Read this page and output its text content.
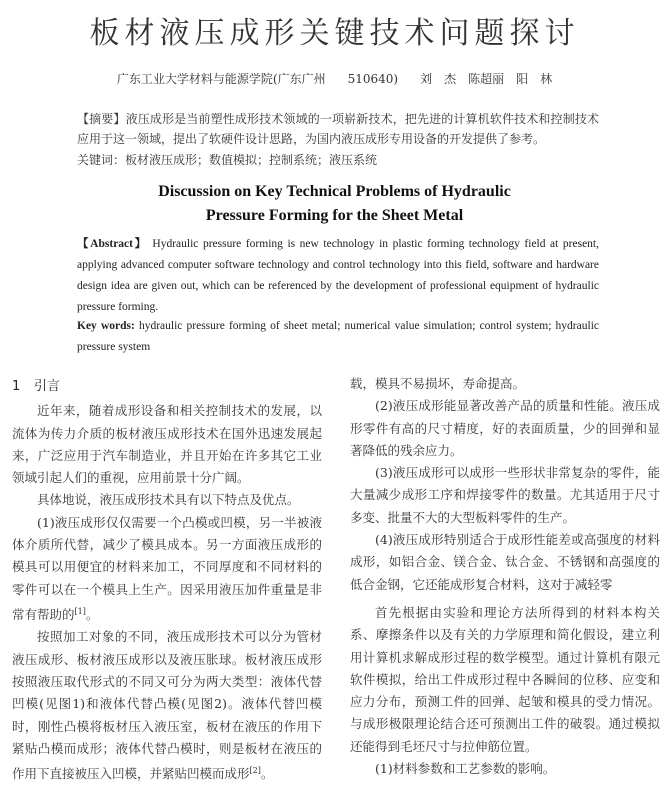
板材液压成形关键技术问题探讨
广东工业大学材料与能源学院(广东广州 510640) 刘　杰　陈超丽　阳　林
【摘要】液压成形是当前塑性成形技术领域的一项崭新技术，把先进的计算机软件技术和控制技术应用于这一领域，提出了软硬件设计思路，为国内液压成形专用设备的开发提供了参考。
关键词：板材液压成形；数值模拟；控制系统；液压系统
Discussion on Key Technical Problems of Hydraulic
Pressure Forming for the Sheet Metal
【Abstract】 Hydraulic pressure forming is new technology in plastic forming technology field at present, applying advanced computer software technology and control technology into this field, software and hardware design idea are given out, which can be referenced by the development of professional equipment of hydraulic pressure forming.
Key words: hydraulic pressure forming of sheet metal; numerical value simulation; control system; hydraulic pressure system
1 引言

近年来，随着成形设备和相关控制技术的发展，以流体为传力介质的板材液压成形技术在国外迅速发展起来，广泛应用于汽车制造业，并且开始在许多其它工业领域引起人们的重视，应用前景十分广阔。

具体地说，液压成形技术具有以下特点及优点。

(1)液压成形仅仅需要一个凸模或凹模，另一半被液体介质所代替，减少了模具成本。另一方面液压成形的模具可以用便宜的材料来加工，不同厚度和不同材料的零件可以在一个模具上生产。因采用液压加件重量是非常有帮助的[1]。

按照加工对象的不同，液压成形技术可以分为管材液压成形、板材液压成形以及液压胀球。板材液压成形按照液压取代形式的不同又可分为两大类型：液体代替凹模(见图1)和液体代替凸模(见图2)。液体代替凹模时，刚性凸模将板材压入液压室，板材在液压的作用下紧贴凸模而成形；液体代替凸模时，则是板材在液压的作用下直接被压入凹模，并紧贴凹模而成形[2]。

载，模具不易损坏，寿命提高。

(2)液压成形能显著改善产品的质量和性能。液压成形零件有高的尺寸精度，好的表面质量，少的回弹和显著降低的残余应力。

(3)液压成形可以成形一些形状非常复杂的零件，能大量减少成形工序和焊接零件的数量。尤其适用于尺寸多变、批量不大的大型板料零件的生产。

(4)液压成形特别适合于成形性能差或高强度的材料成形，如铝合金、镁合金、钛合金、不锈钢和高强度的低合金钢，它还能成形复合材料，这对于减轻零

首先根据由实验和理论方法所得到的材料本构关系、摩擦条件以及有关的力学原理和简化假设，建立利用计算机求解成形过程的数学模型。通过计算机有限元软件模拟，给出工件成形过程中各瞬间的位移、应变和应力分布，预测工件的回弹、起皱和模具的受力情况。与成形极限理论结合还可预测出工件的破裂。通过模拟还能得到毛坯尺寸与拉伸筋位置。

(1)材料参数和工艺参数的影响。
